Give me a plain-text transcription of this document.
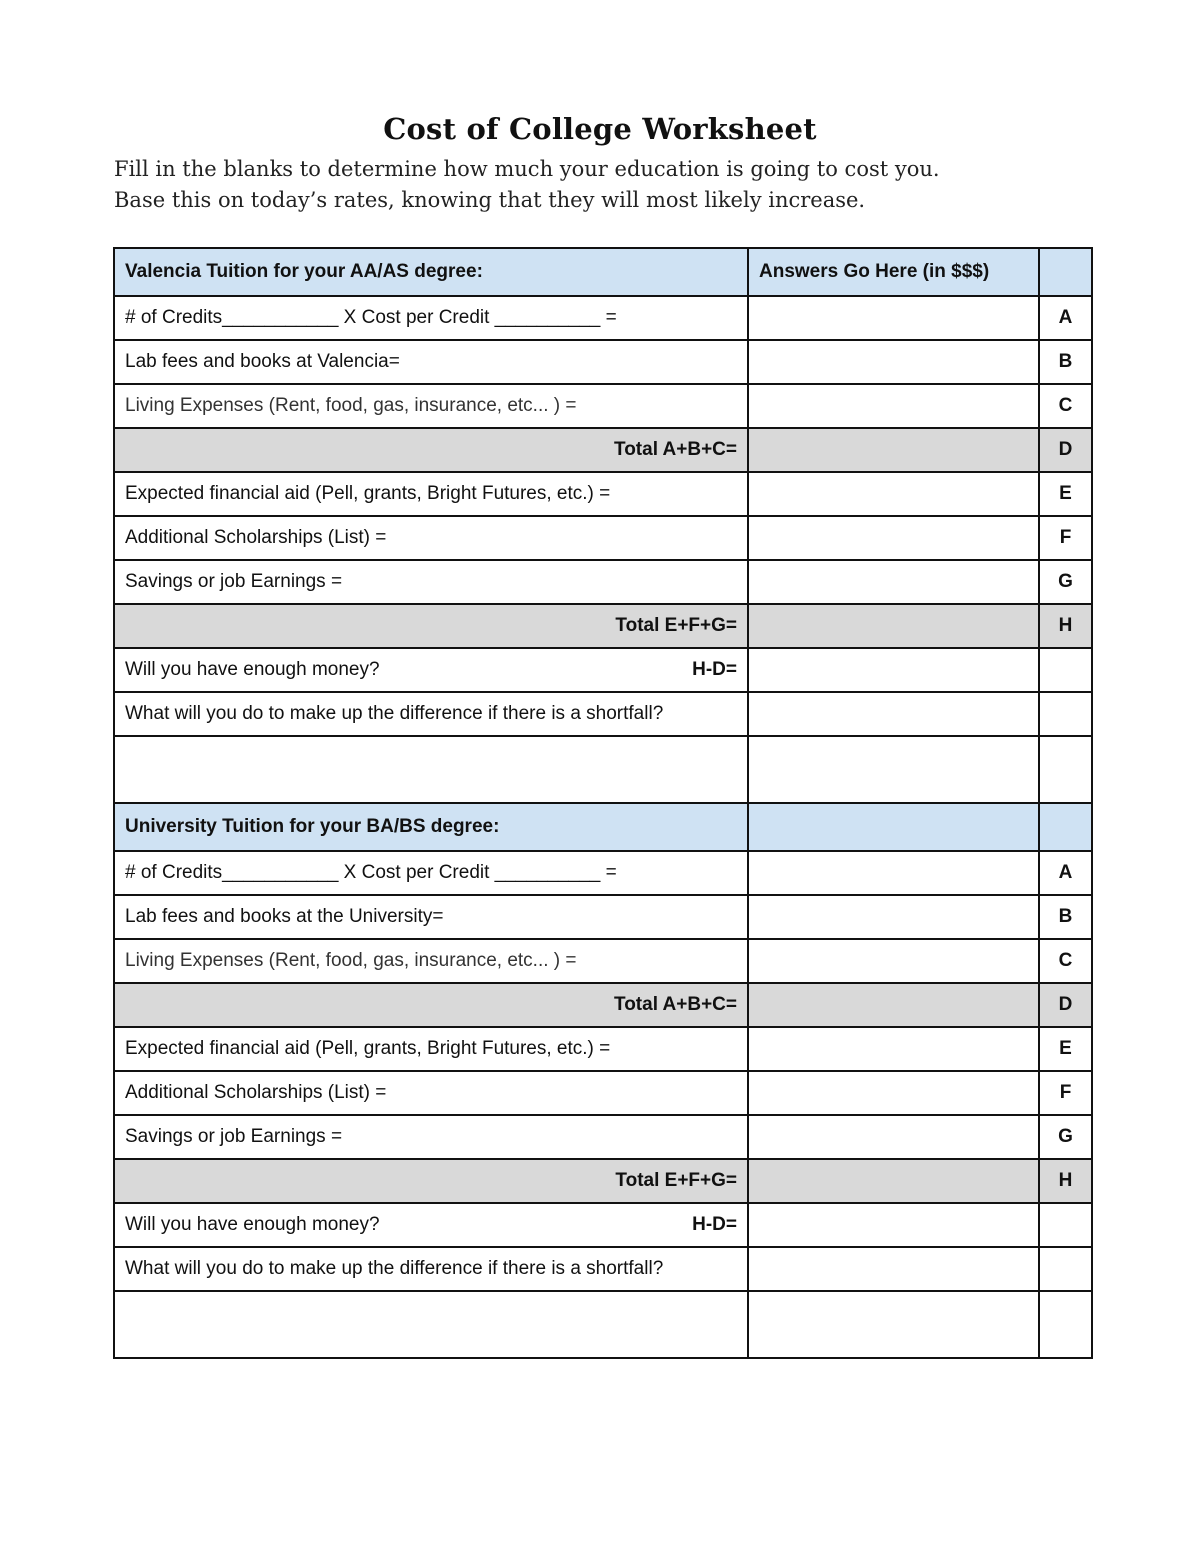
Cost of College Worksheet
Fill in the blanks to determine how much your education is going to cost you.
Base this on today’s rates, knowing that they will most likely increase.
Valencia Tuition for your AA/AS degree:	Answers Go Here (in $$$)	
# of Credits___________ X Cost per Credit __________ =		A
Lab fees and books at Valencia=		B
Living Expenses (Rent, food, gas, insurance, etc... ) =		C
Total A+B+C=		D
Expected financial aid (Pell, grants, Bright Futures, etc.) =		E
Additional Scholarships (List) =		F
Savings or job Earnings =		G
Total E+F+G=		H

Will you have enough money? H-D=		

What will you do to make up the difference if there is a shortfall?		

University Tuition for your BA/BS degree:		
# of Credits___________ X Cost per Credit __________ =		A
Lab fees and books at the University=		B
Living Expenses (Rent, food, gas, insurance, etc... ) =		C
Total A+B+C=		D
Expected financial aid (Pell, grants, Bright Futures, etc.) =		E
Additional Scholarships (List) =		F
Savings or job Earnings =		G
Total E+F+G=		H

Will you have enough money? H-D=		

What will you do to make up the difference if there is a shortfall?		
